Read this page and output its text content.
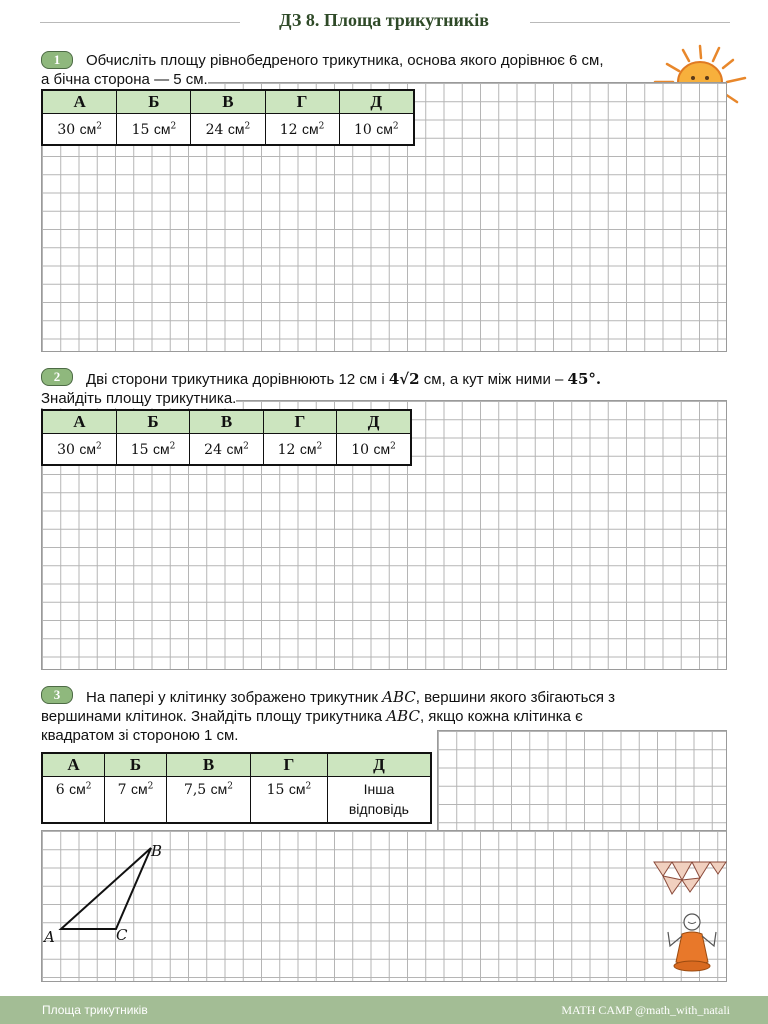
ДЗ 8. Площа трикутників
1	Обчисліть площу рівнобедреного трикутника, основа якого дорівнює 6 см,
а бічна сторона — 5 см.
А	Б	В	Г	Д
30 $см^2$	15 $см^2$	24 $см^2$	12 $см^2$	10 $см^2$
2	Дві сторони трикутника дорівнюють 12 см і 4√2 см, а кут між ними – 45°.
Знайдіть площу трикутника.
А	Б	В	Г	Д
30 $см^2$	15 $см^2$	24 $см^2$	12 $см^2$	10 $см^2$
3	На папері у клітинку зображено трикутник ABC, вершини якого збігаються з
вершинами клітинок. Знайдіть площу трикутника ABC, якщо кожна клітинка є
квадратом зі стороною 1 см.
А	Б	В	Г	Д
6 $см^2$	7 $см^2$	7,5 $см^2$	15 $см^2$	Інша
відповідь
A
B
C
Площа трикутників	MATH CAMP @math_with_natali
